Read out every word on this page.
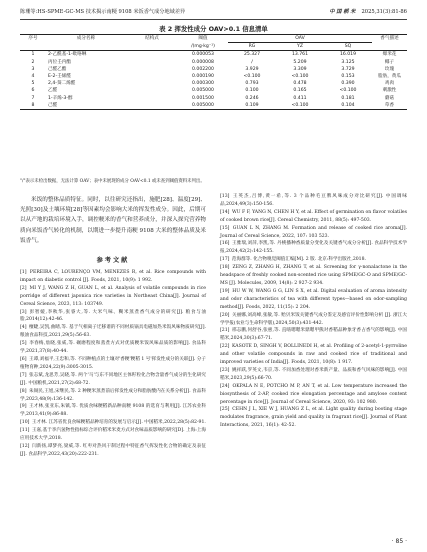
陈珊等:HS-SPME-GC-MS 技术揭示南粳 9108 米饭香气成分地域差异	中 国 稻 米 2025,31(3):81-86
表 2 挥发性成分 OAV>0.1 信息清单
序号	成分名称	结构式	阈值	OAV			香气描述
			/(mg·kg⁻¹)	RG	YZ	SQ	
1	2-乙酰基-1-吡咯啉		0.000053	25.327	13.761	16.019	爆米花
2	丙位壬内酯		0.000008	/	5.209	3.125	椰子
3	己醛乙酯		0.002200	3.929	3.309	3.729	玫瑰
4	E-2-壬烯醛		0.000190	<0.100	<0.100	0.153	脂肪，黄瓜
5	2,4-葵二烯醛		0.000300	0.793	0.478	0.390	鸡肉
6	乙醛		0.005000	0.100	0.165	<0.100	刺激性
7	1-辛烯-3-醇		0.001500	0.246	0.411	0.181	蘑菇
8	己醛		0.005000	0.109	<0.100	0.104	草香
"/"表示未检出数据，无法计算 OAV；表中未展现的成分 OAV<0.1 或未查到阈值资料未列出。

米饭的整体品质特征。同时，以往研究还指出，施肥[28]、温度[29]、光照[30]及土壤环境[28]等因素均会影响大米的挥发性成分。因此，后期可以从产地的栽培环境入手，调控粳米的香气和营养成分，并深入探究营养物质向米饭香气转化的机制，以期进一步提升南粳 9108 大米的整体品质及米饭香气。

参考文献

[1] PEREIRA C, LOURENÇO VM, MENEZES R, et al. Rice compounds with impact on diabetic control [J]. Foods, 2021, 10(9): 1 992.

[2] MI Y J, WANG Z H, GUAN L, et al. Analysis of volatile compounds in rice porridge of different japonica rice varieties in Northeast China[J]. Journal of Cereal Science, 2023, 113: 103749.

[3] 彭智媛,李秋华,张睿大,等. 大米气味、糊米蒸煮香气成分的研究[J]. 粮食与油脂,2014(12):42-46.

[4] 檀睫,吴凯,曲睛,等. 基于气相离子迁移谱的不同材质锅具电磁加热米饭风味物质研究[J]. 粮油食品科技,2021,29(5):56-63.

[5] 李春梅,詹晓,张威,等. 碾磨程度和蒸煮方式对优质粳米饭风味品质的影响[J]. 食品科学,2021,37(8):40-44.

[6] 王谭,刘福平,王忠和,等. 不同种植点的土壤对'香粳'粳稻 1 号'挥发性成分的关联[J]. 分子植物育种,2024,22(9):3005-3015.

[7] 张志斌,龙思芳,吴晓,等. 两个'马'与东不同地区主体籽粒化合物含量香气成分的生化研究[J]. 中国粮机,2021,27(2):68-72.

[8] 朱锡民,王旭,宋继民,等. 2 种粳米蒸煮前后挥发性成分和脂肪酸内在关系分析[J]. 食品科学,2023,48(9):136-142.

[9] 王才林,张亚东,朱镇,等. 优质食味粳稻新品种南粳 9108 的选育与利用[J]. 江苏农业科学,2013,41(9):86-88.

[10] 王才林. 江苏省优良食味粳稻品种培育的发展与启示[J]. 中国稻米,2022,28(5):82-91.

[11] 王嘉,基于李汽氢物性指标综合评价稻米米麦方式对食味品质影响的研究[D]. 上海:上海应用技术大学,2018.

[12] 闫新扬,谭梦亮,梁威,等. 红枣对热风干制过程中特征香气挥发性化合物的确定及表征[J]. 食品科学,2022,43(20):222-231.

[13] 王英杰,吕博,黄一希,等. 3 个品种毛豆脾风味成分对比研究[J]. 中国调味品,2024,49(3):150-156.

[14] WU F F, YANG N, CHEN H Y, et al. Effect of germination on flavor volatiles of cooked brown rice[J]. Cereal Chemistry, 2011, 88(5): 497-503.

[15] GUAN L N, ZHANG M. Formation and release of cooked rice aroma[J]. Journal of Cereal Science, 2022, 107: 103 523.

[16] 王雅瑞,刘萍,李凯,等. 丹桃播种香质量分变化及关键香气成分分析[J]. 食品科学技术学报,2024,42(2):142-155.

[17] 范海群等. 化合物嗅觉阈值汇编[M]. 2 版. 北京:科学出版社,2018.

[18] ZENG Z, ZHANG H, ZHANG T, et al. Screening for γ-nonalactone in the headspace of freshly cooked non-scented rice using SPME/GC-O and SPME/GC-MS [J]. Molecules, 2009, 14(8): 2 927-2 934.

[19] HU W W, WANG G G, LIN S X, et al. Digital evaluation of aroma intensity and odor characteristics of tea with different types—based on odor-sampling method[J]. Foods, 2022, 11(15): 2 204.

[20] 关丽娜,刘高峰,张敏,等. 贻贝米饭关键香气成分鉴定及感官评价性影响分析 [J]. 浙江大学学报(农业与生命科学版),2024,50(3):431-442.

[21] 邢志鹏,何舒谷,张惠,等. 直啮嗯嗯米鼎嗯甲熊对香稻品种象牙香占香气的影响[J]. 中国稻米,2024,30(3):67-71.

[22] KASOTE D, SINGH V, BOLLINEDI H, et al. Profiling of 2-acetyl-1-pyrroline and other volatile compounds in raw and cooked rice of traditional and improved varieties of India[J]. Foods, 2021, 10(8): 1 917.

[23] 姚祥跃,罗英文,韦京,等. 不同加香处理对香米新产量、品质和香气风味的影响[J]. 中国稻米,2023,29(5):66-70.

[24] OKPALA N E, POTCHO M P, AN T, et al. Low temperature increased the biosynthesis of 2-AP, cooked rice elongation percentage and amylose content percentage in rice[J]. Journal of Cereal Science, 2020, 93: 102 980.

[25] CEHN J L, XIE W J, HUANG Z L, et al. Light quality during booting stage modulates fragrance, grain yield and quality in fragrant rice[J]. Journal of Plant Interactions, 2021, 16(1): 42-52.

· 85 ·
